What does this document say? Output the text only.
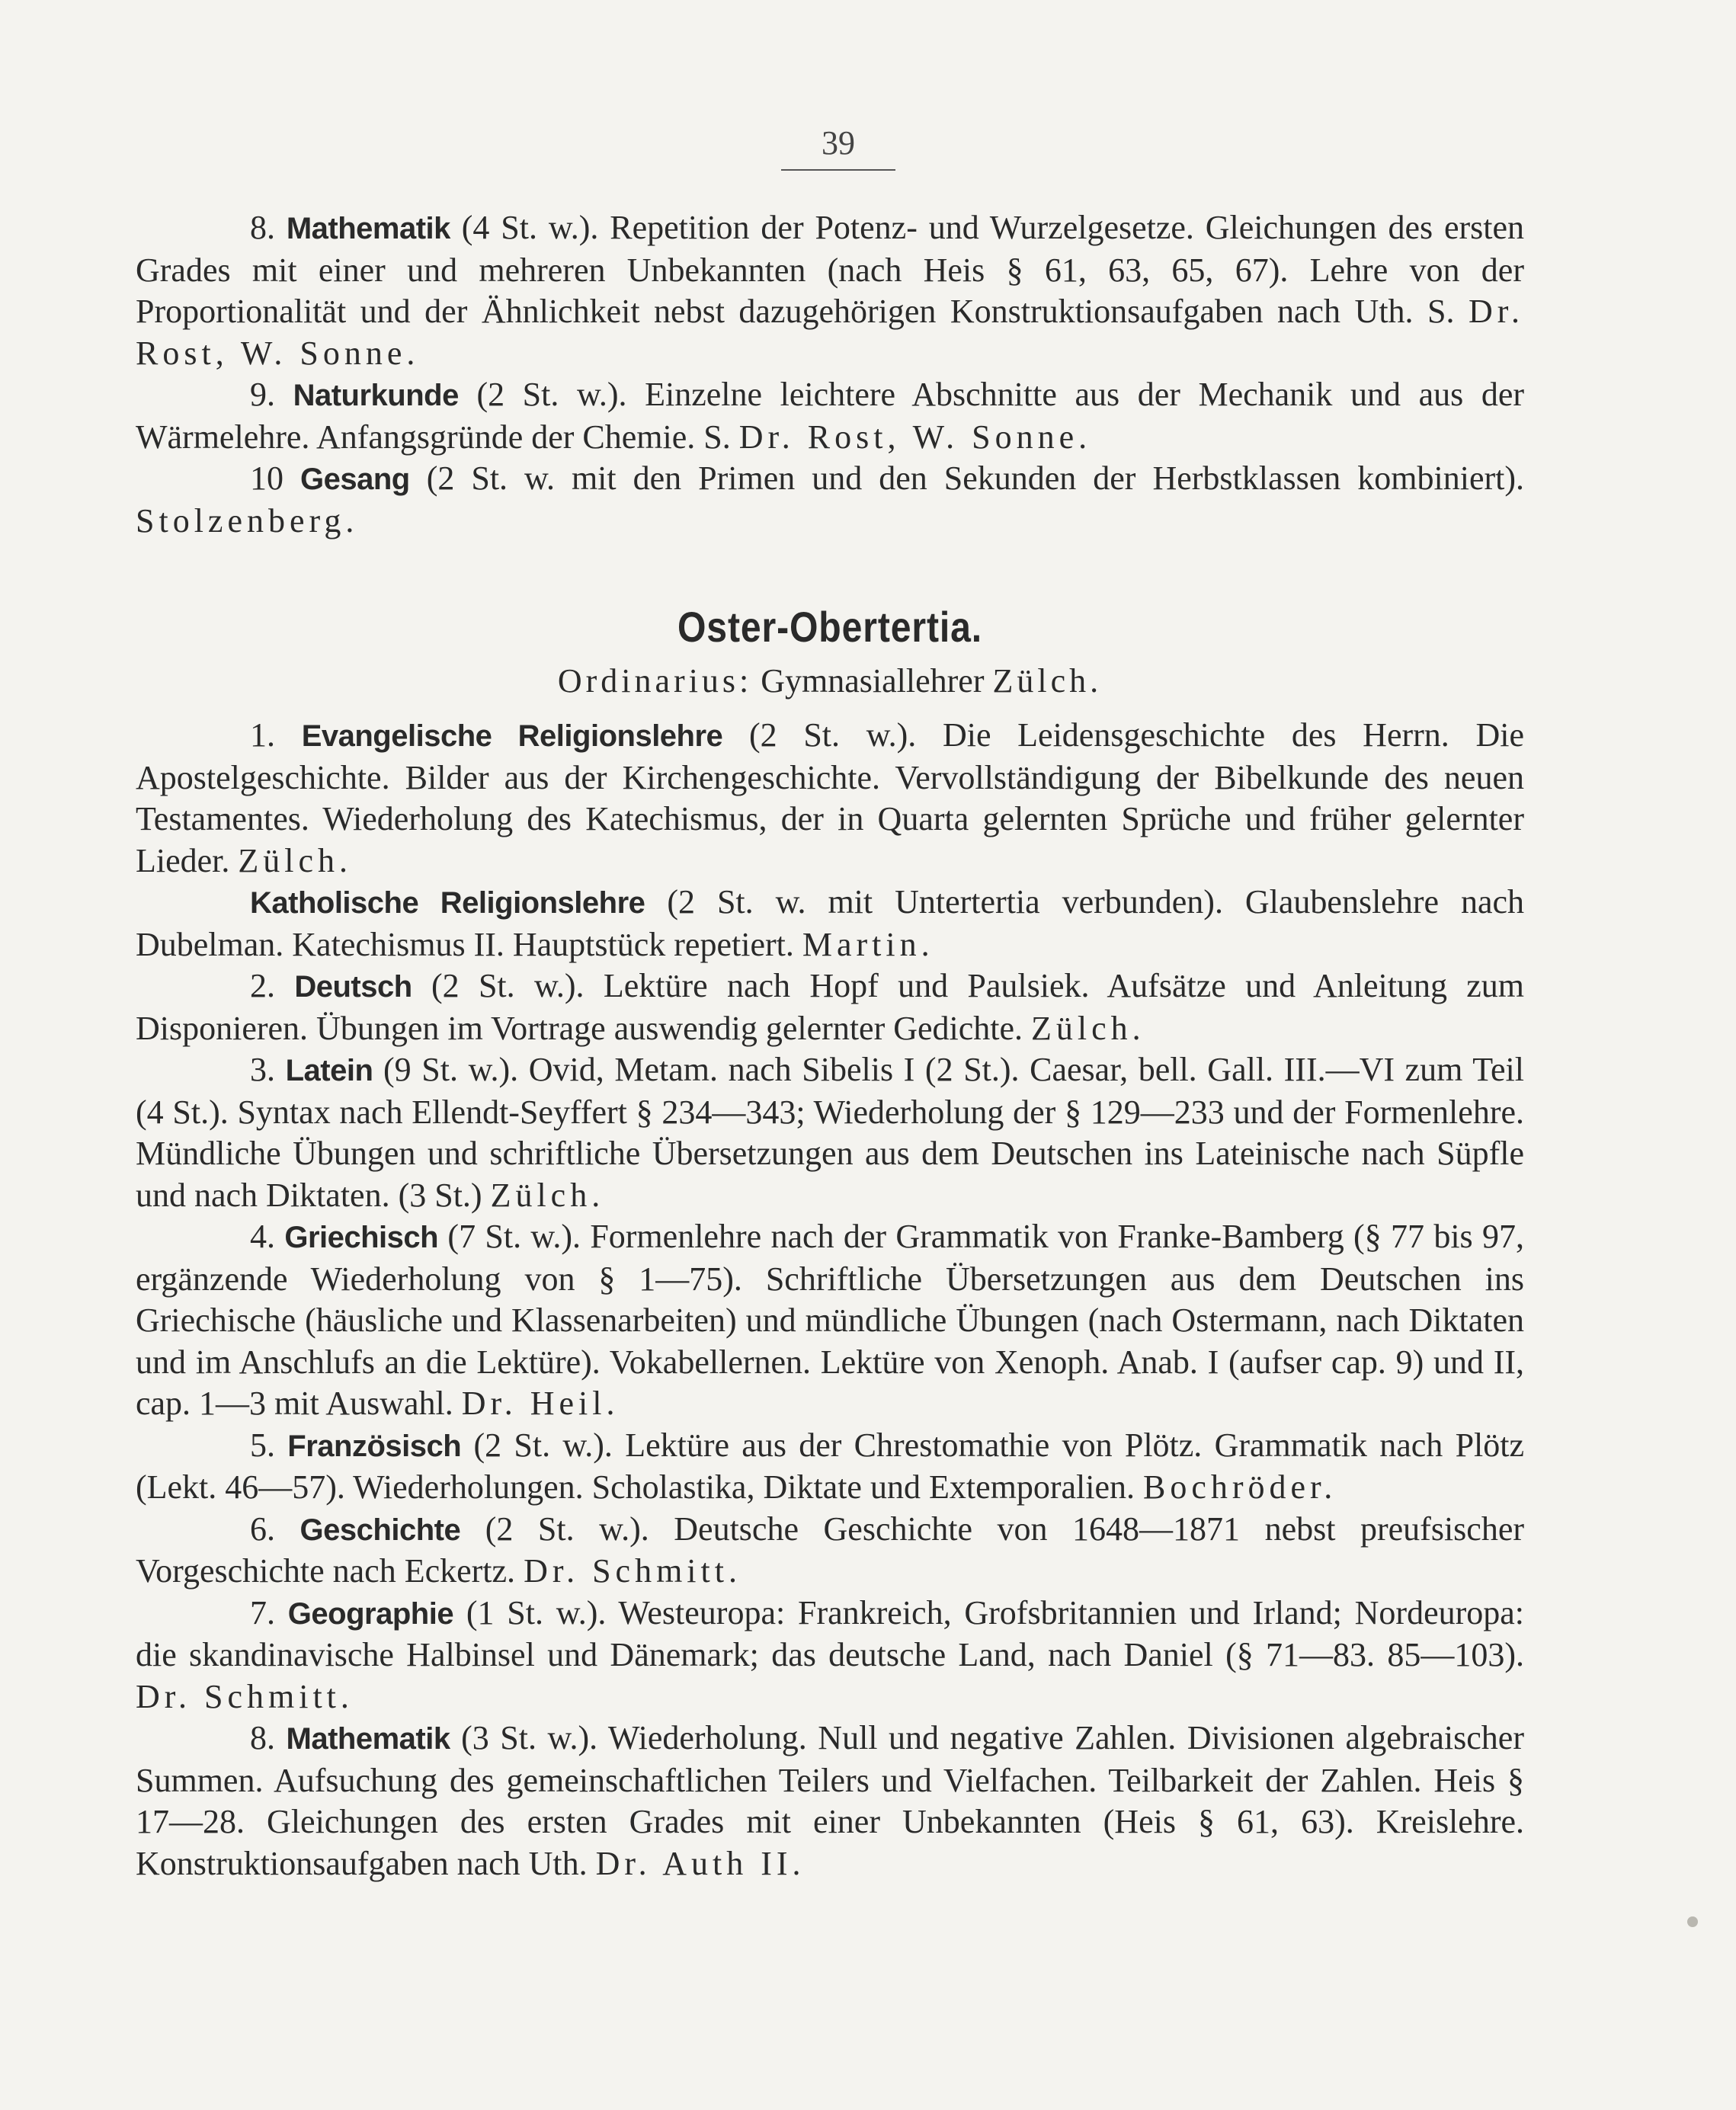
39

8. Mathematik (4 St. w.). Repetition der Potenz- und Wurzelgesetze. Gleichungen des ersten Grades mit einer und mehreren Unbekannten (nach Heis § 61, 63, 65, 67). Lehre von der Proportionalität und der Ähnlichkeit nebst dazugehörigen Konstruktionsaufgaben nach Uth. S. Dr. Rost, W. Sonne.

9. Naturkunde (2 St. w.). Einzelne leichtere Abschnitte aus der Mechanik und aus der Wärmelehre. Anfangsgründe der Chemie. S. Dr. Rost, W. Sonne.

10 Gesang (2 St. w. mit den Primen und den Sekunden der Herbstklassen kombiniert). Stolzenberg.

Oster-Obertertia.
Ordinarius: Gymnasiallehrer Zülch.

1. Evangelische Religionslehre (2 St. w.). Die Leidensgeschichte des Herrn. Die Apostelgeschichte. Bilder aus der Kirchengeschichte. Vervollständigung der Bibelkunde des neuen Testamentes. Wiederholung des Katechismus, der in Quarta gelernten Sprüche und früher gelernter Lieder. Zülch.

Katholische Religionslehre (2 St. w. mit Untertertia verbunden). Glaubenslehre nach Dubelman. Katechismus II. Hauptstück repetiert. Martin.

2. Deutsch (2 St. w.). Lektüre nach Hopf und Paulsiek. Aufsätze und Anleitung zum Disponieren. Übungen im Vortrage auswendig gelernter Gedichte. Zülch.

3. Latein (9 St. w.). Ovid, Metam. nach Sibelis I (2 St.). Caesar, bell. Gall. III.—VI zum Teil (4 St.). Syntax nach Ellendt-Seyffert § 234—343; Wiederholung der § 129—233 und der Formenlehre. Mündliche Übungen und schriftliche Übersetzungen aus dem Deutschen ins Lateinische nach Süpfle und nach Diktaten. (3 St.) Zülch.

4. Griechisch (7 St. w.). Formenlehre nach der Grammatik von Franke-Bamberg (§ 77 bis 97, ergänzende Wiederholung von § 1—75). Schriftliche Übersetzungen aus dem Deutschen ins Griechische (häusliche und Klassenarbeiten) und mündliche Übungen (nach Ostermann, nach Diktaten und im Anschlufs an die Lektüre). Vokabellernen. Lektüre von Xenoph. Anab. I (aufser cap. 9) und II, cap. 1—3 mit Auswahl. Dr. Heil.

5. Französisch (2 St. w.). Lektüre aus der Chrestomathie von Plötz. Grammatik nach Plötz (Lekt. 46—57). Wiederholungen. Scholastika, Diktate und Extemporalien. Bochröder.

6. Geschichte (2 St. w.). Deutsche Geschichte von 1648—1871 nebst preufsischer Vorgeschichte nach Eckertz. Dr. Schmitt.

7. Geographie (1 St. w.). Westeuropa: Frankreich, Grofsbritannien und Irland; Nordeuropa: die skandinavische Halbinsel und Dänemark; das deutsche Land, nach Daniel (§ 71—83. 85—103). Dr. Schmitt.

8. Mathematik (3 St. w.). Wiederholung. Null und negative Zahlen. Divisionen algebraischer Summen. Aufsuchung des gemeinschaftlichen Teilers und Vielfachen. Teilbarkeit der Zahlen. Heis § 17—28. Gleichungen des ersten Grades mit einer Unbekannten (Heis § 61, 63). Kreislehre. Konstruktionsaufgaben nach Uth. Dr. Auth II.
